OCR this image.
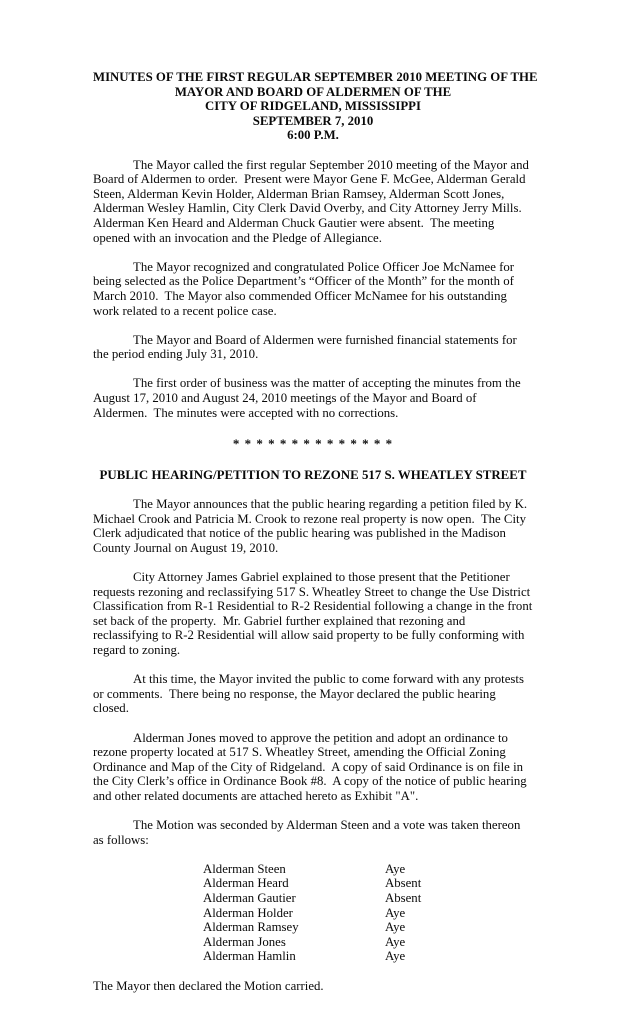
MINUTES OF THE FIRST REGULAR SEPTEMBER 2010 MEETING OF THE
MAYOR AND BOARD OF ALDERMEN OF THE
CITY OF RIDGELAND, MISSISSIPPI
SEPTEMBER 7, 2010
6:00 P.M.

The Mayor called the first regular September 2010 meeting of the Mayor and Board of Aldermen to order.  Present were Mayor Gene F. McGee, Alderman Gerald Steen, Alderman Kevin Holder, Alderman Brian Ramsey, Alderman Scott Jones, Alderman Wesley Hamlin, City Clerk David Overby, and City Attorney Jerry Mills.  Alderman Ken Heard and Alderman Chuck Gautier were absent.  The meeting opened with an invocation and the Pledge of Allegiance.

The Mayor recognized and congratulated Police Officer Joe McNamee for being selected as the Police Department’s “Officer of the Month” for the month of March 2010.  The Mayor also commended Officer McNamee for his outstanding work related to a recent police case.

The Mayor and Board of Aldermen were furnished financial statements for the period ending July 31, 2010.

The first order of business was the matter of accepting the minutes from the August 17, 2010 and August 24, 2010 meetings of the Mayor and Board of Aldermen.  The minutes were accepted with no corrections.

* * * * * * * * * * * * * *
PUBLIC HEARING/PETITION TO REZONE 517 S. WHEATLEY STREET

The Mayor announces that the public hearing regarding a petition filed by K. Michael Crook and Patricia M. Crook to rezone real property is now open.  The City Clerk adjudicated that notice of the public hearing was published in the Madison County Journal on August 19, 2010.

City Attorney James Gabriel explained to those present that the Petitioner requests rezoning and reclassifying 517 S. Wheatley Street to change the Use District Classification from R-1 Residential to R-2 Residential following a change in the front set back of the property.  Mr. Gabriel further explained that rezoning and reclassifying to R-2 Residential will allow said property to be fully conforming with regard to zoning.

At this time, the Mayor invited the public to come forward with any protests or comments.  There being no response, the Mayor declared the public hearing closed.

Alderman Jones moved to approve the petition and adopt an ordinance to rezone property located at 517 S. Wheatley Street, amending the Official Zoning Ordinance and Map of the City of Ridgeland.  A copy of said Ordinance is on file in the City Clerk’s office in Ordinance Book #8.  A copy of the notice of public hearing and other related documents are attached hereto as Exhibit "A".

The Motion was seconded by Alderman Steen and a vote was taken thereon as follows:

Alderman Steen	Aye
Alderman Heard	Absent
Alderman Gautier	Absent
Alderman Holder	Aye
Alderman Ramsey	Aye
Alderman Jones	Aye
Alderman Hamlin	Aye

The Mayor then declared the Motion carried.
